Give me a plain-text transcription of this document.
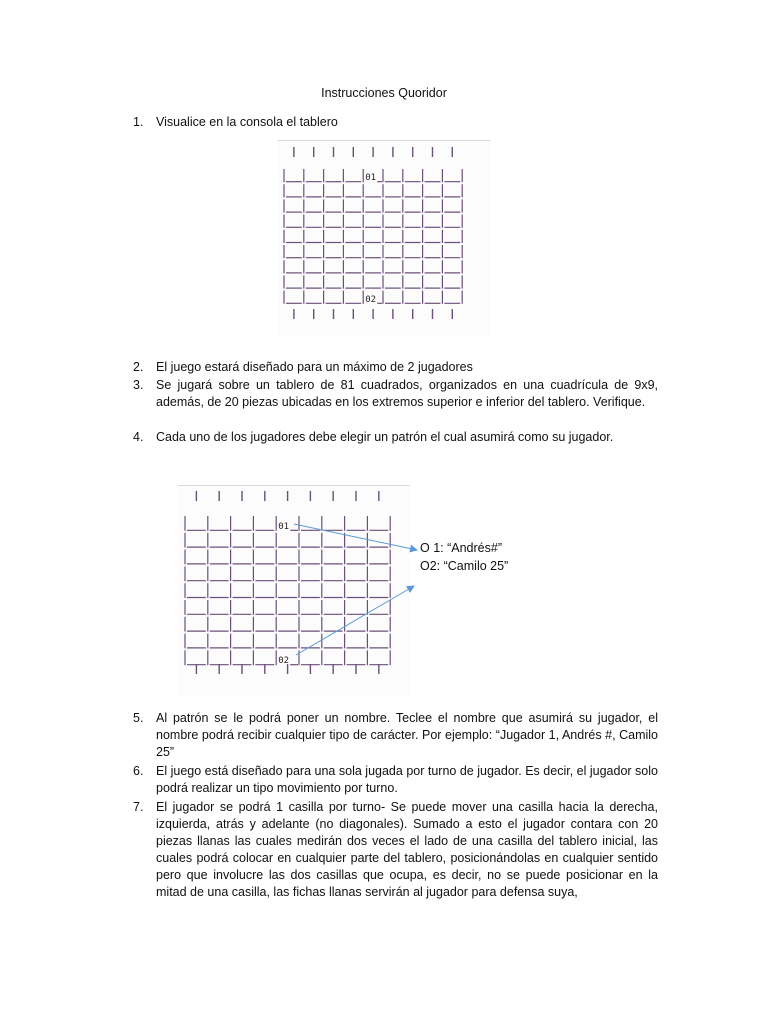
Instrucciones Quoridor
1.	Visualice en la consola el tablero
01
02
2.	El juego estará diseñado para un máximo de 2 jugadores
3.	Se jugará sobre un tablero de 81 cuadrados, organizados en una cuadrícula de 9x9, además, de 20 piezas ubicadas en los extremos superior e inferior del tablero. Verifique.
4.	Cada uno de los jugadores debe elegir un patrón el cual asumirá como su jugador.
01
02
O 1: “Andrés#”
O2: “Camilo 25”
5.	Al patrón se le podrá poner un nombre. Teclee el nombre que asumirá su jugador, el nombre podrá recibir cualquier tipo de carácter. Por ejemplo: “Jugador 1, Andrés #, Camilo 25”
6.	El juego está diseñado para una sola jugada por turno de jugador. Es decir, el jugador solo podrá realizar un tipo movimiento por turno.
7.	El jugador se podrá 1 casilla por turno- Se puede mover una casilla hacia la derecha, izquierda, atrás y adelante (no diagonales). Sumado a esto el jugador contara con 20 piezas llanas las cuales medirán dos veces el lado de una casilla del tablero inicial, las cuales podrá colocar en cualquier parte del tablero, posicionándolas en cualquier sentido pero que involucre las dos casillas que ocupa, es decir, no se puede posicionar en la mitad de una casilla, las fichas llanas servirán al jugador para defensa suya,
